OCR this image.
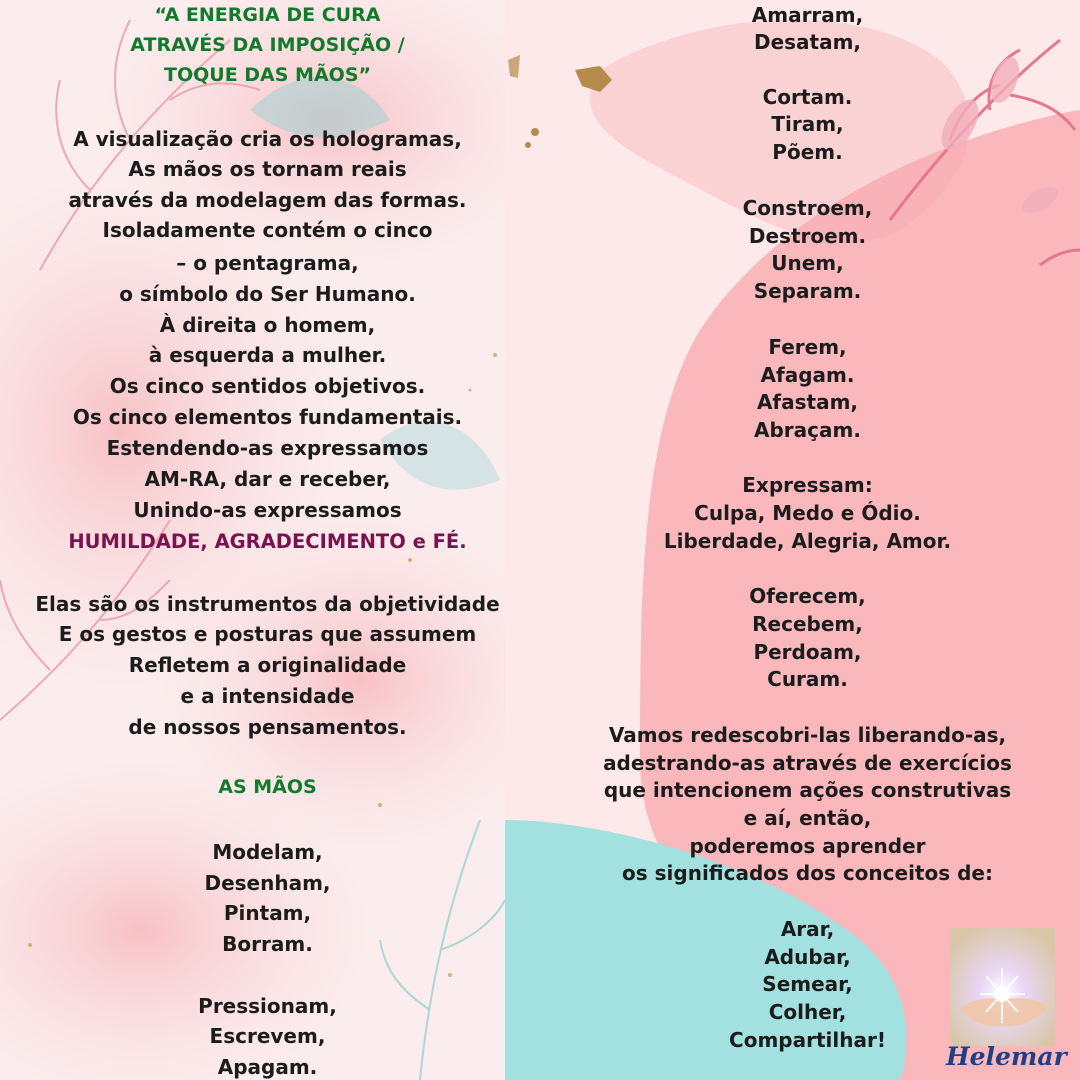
“A ENERGIA DE CURA
ATRAVÉS DA IMPOSIÇÃO /
TOQUE DAS MÃOS”
A visualização cria os hologramas,
As mãos os tornam reais
através da modelagem das formas.
Isoladamente contém o cinco
– o pentagrama,
o símbolo do Ser Humano.
À direita o homem,
à esquerda a mulher.
Os cinco sentidos objetivos.
Os cinco elementos fundamentais.
Estendendo-as expressamos
AM-RA, dar e receber,
Unindo-as expressamos
HUMILDADE, AGRADECIMENTO e FÉ.
Elas são os instrumentos da objetividade
E os gestos e posturas que assumem
Refletem a originalidade
e a intensidade
de nossos pensamentos.
AS MÃOS
Modelam,
Desenham,
Pintam,
Borram.
Pressionam,
Escrevem,
Apagam.
Amarram,
Desatam,
Cortam.
Tiram,
Põem.
Constroem,
Destroem.
Unem,
Separam.
Ferem,
Afagam.
Afastam,
Abraçam.
Expressam:
Culpa, Medo e Ódio.
Liberdade, Alegria, Amor.
Oferecem,
Recebem,
Perdoam,
Curam.
Vamos redescobri-las liberando-as,
adestrando-as através de exercícios
que intencionem ações construtivas
e aí, então,
poderemos aprender
os significados dos conceitos de:
Arar,
Adubar,
Semear,
Colher,
Compartilhar!
Helemar
